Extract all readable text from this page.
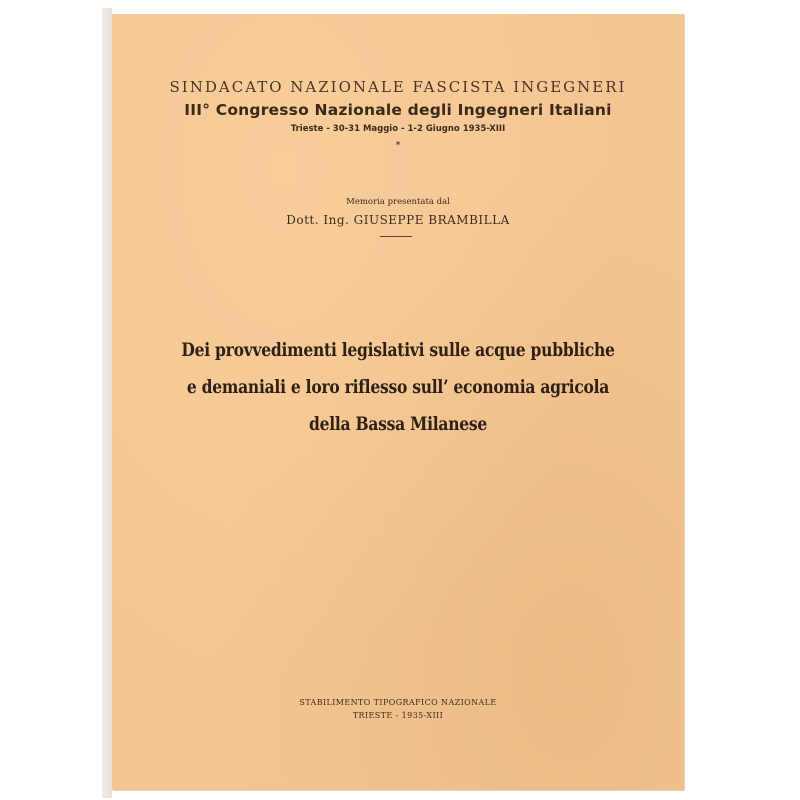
SINDACATO NAZIONALE FASCISTA INGEGNERI
III° Congresso Nazionale degli Ingegneri Italiani
Trieste - 30-31 Maggio - 1-2 Giugno 1935-XIII
*
Memoria presentata dal
Dott. Ing. GIUSEPPE BRAMBILLA
Dei provvedimenti legislativi sulle acque pubbliche
e demaniali e loro riflesso sull’ economia agricola
della Bassa Milanese
STABILIMENTO TIPOGRAFICO NAZIONALE
TRIESTE - 1935-XIII
